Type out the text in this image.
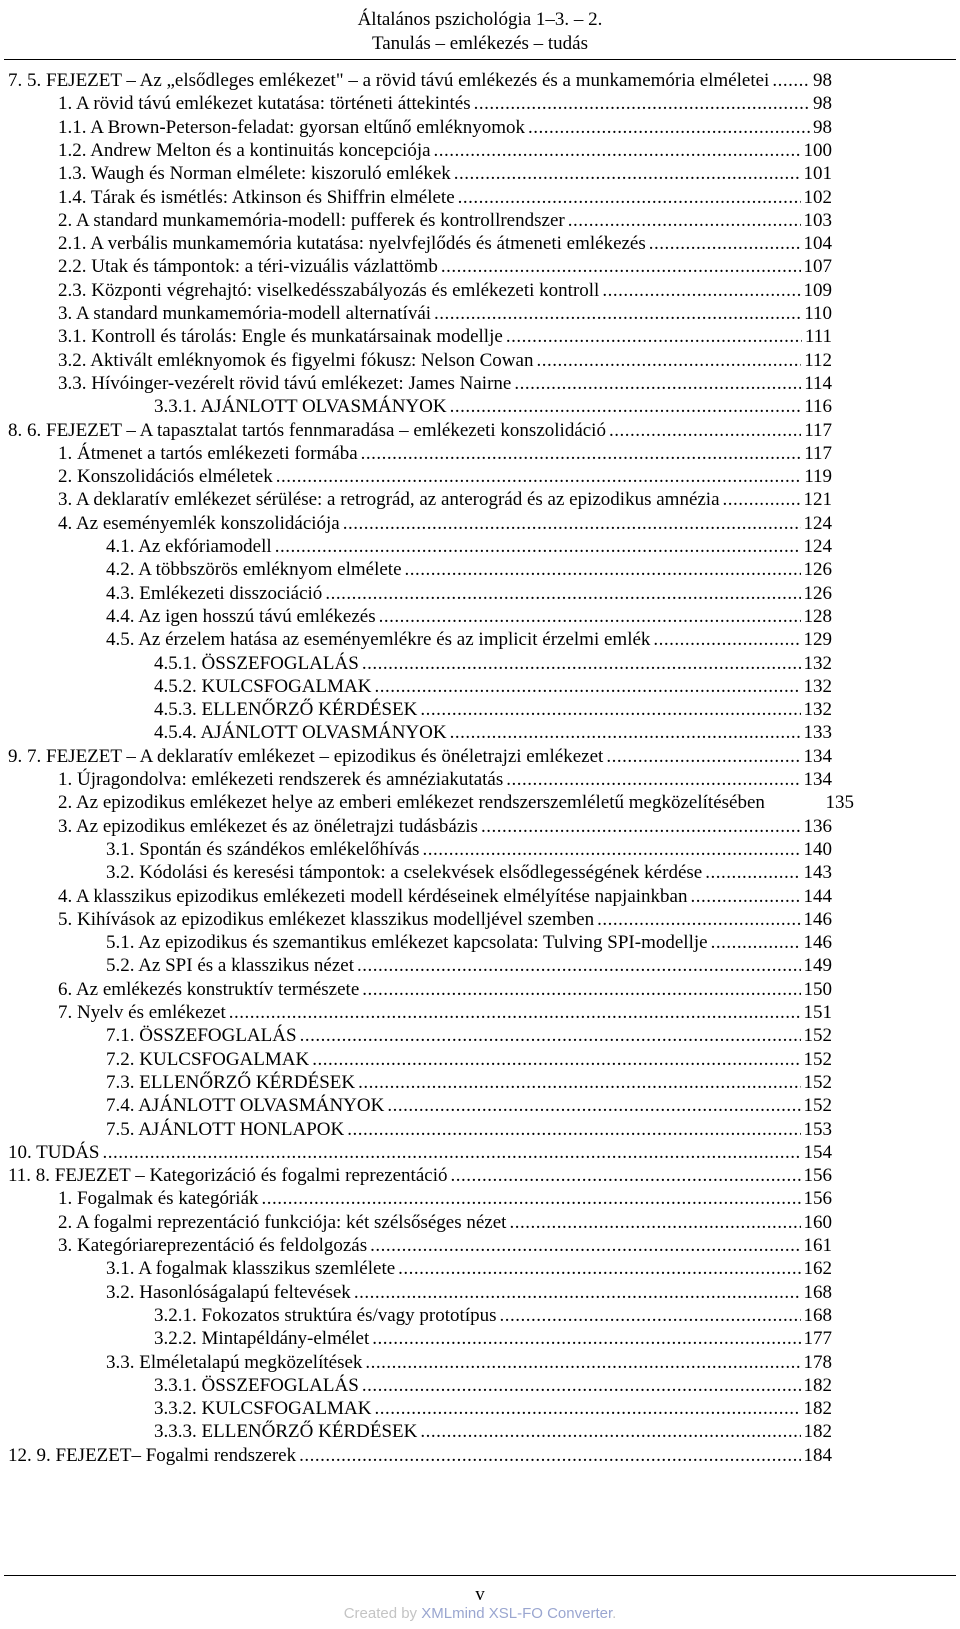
Általános pszichológia 1–3. – 2.
Tanulás – emlékezés – tudás
7. 5. FEJEZET – Az „elsődleges emlékezet" – a rövid távú emlékezés és a munkamemória elméletei ..... 98
1. A rövid távú emlékezet kutatása: történeti áttekintés .....	98
1.1. A Brown-Peterson-feladat: gyorsan eltűnő emléknyomok .....	98
1.2. Andrew Melton és a kontinuitás koncepciója .....	100
1.3. Waugh és Norman elmélete: kiszoruló emlékek .....	101
1.4. Tárak és ismétlés: Atkinson és Shiffrin elmélete .....	102
2. A standard munkamemória-modell: pufferek és kontrollrendszer .....	103
2.1. A verbális munkamemória kutatása: nyelvfejlődés és átmeneti emlékezés .....	104
2.2. Utak és támpontok: a téri-vizuális vázlattömb .....	107
2.3. Központi végrehajtó: viselkedésszabályozás és emlékezeti kontroll .....	109
3. A standard munkamemória-modell alternatívái .....	110
3.1. Kontroll és tárolás: Engle és munkatársainak modellje .....	111
3.2. Aktivált emléknyomok és figyelmi fókusz: Nelson Cowan .....	112
3.3. Hívóinger-vezérelt rövid távú emlékezet: James Nairne .....	114
3.3.1. AJÁNLOTT OLVASMÁNYOK .....	116
8. 6. FEJEZET – A tapasztalat tartós fennmaradása – emlékezeti konszolidáció .....	117
1. Átmenet a tartós emlékezeti formába .....	117
2. Konszolidációs elméletek .....	119
3. A deklaratív emlékezet sérülése: a retrográd, az anterográd és az epizodikus amnézia .....	121
4. Az eseményemlék konszolidációja .....	124
4.1. Az ekfóriamodell .....	124
4.2. A többszörös emléknyom elmélete .....	126
4.3. Emlékezeti disszociáció .....	126
4.4. Az igen hosszú távú emlékezés .....	128
4.5. Az érzelem hatása az eseményemlékre és az implicit érzelmi emlék .....	129
4.5.1. ÖSSZEFOGLALÁS .....	132
4.5.2. KULCSFOGALMAK .....	132
4.5.3. ELLENŐRZŐ KÉRDÉSEK .....	132
4.5.4. AJÁNLOTT OLVASMÁNYOK .....	133
9. 7. FEJEZET – A deklaratív emlékezet – epizodikus és önéletrajzi emlékezet .....	134
1. Újragondolva: emlékezeti rendszerek és amnéziakutatás .....	134
2. Az epizodikus emlékezet helye az emberi emlékezet rendszerszemléletű megközelítésében	135
3. Az epizodikus emlékezet és az önéletrajzi tudásbázis .....	136
3.1. Spontán és szándékos emlékelőhívás .....	140
3.2. Kódolási és keresési támpontok: a cselekvések elsődlegességének kérdése .....	143
4. A klasszikus epizodikus emlékezeti modell kérdéseinek elmélyítése napjainkban .....	144
5. Kihívások az epizodikus emlékezet klasszikus modelljével szemben .....	146
5.1. Az epizodikus és szemantikus emlékezet kapcsolata: Tulving SPI-modellje .....	146
5.2. Az SPI és a klasszikus nézet .....	149
6. Az emlékezés konstruktív természete .....	150
7. Nyelv és emlékezet .....	151
7.1. ÖSSZEFOGLALÁS .....	152
7.2. KULCSFOGALMAK .....	152
7.3. ELLENŐRZŐ KÉRDÉSEK .....	152
7.4. AJÁNLOTT OLVASMÁNYOK .....	152
7.5. AJÁNLOTT HONLAPOK .....	153
10. TUDÁS .....	154
11. 8. FEJEZET – Kategorizáció és fogalmi reprezentáció .....	156
1. Fogalmak és kategóriák .....	156
2. A fogalmi reprezentáció funkciója: két szélsőséges nézet .....	160
3. Kategóriareprezentáció és feldolgozás .....	161
3.1. A fogalmak klasszikus szemlélete .....	162
3.2. Hasonlóságalapú feltevések .....	168
3.2.1. Fokozatos struktúra és/vagy prototípus .....	168
3.2.2. Mintapéldány-elmélet .....	177
3.3. Elméletalapú megközelítések .....	178
3.3.1. ÖSSZEFOGLALÁS .....	182
3.3.2. KULCSFOGALMAK .....	182
3.3.3. ELLENŐRZŐ KÉRDÉSEK .....	182
12. 9. FEJEZET– Fogalmi rendszerek .....	184
v
Created by XMLmind XSL-FO Converter.
